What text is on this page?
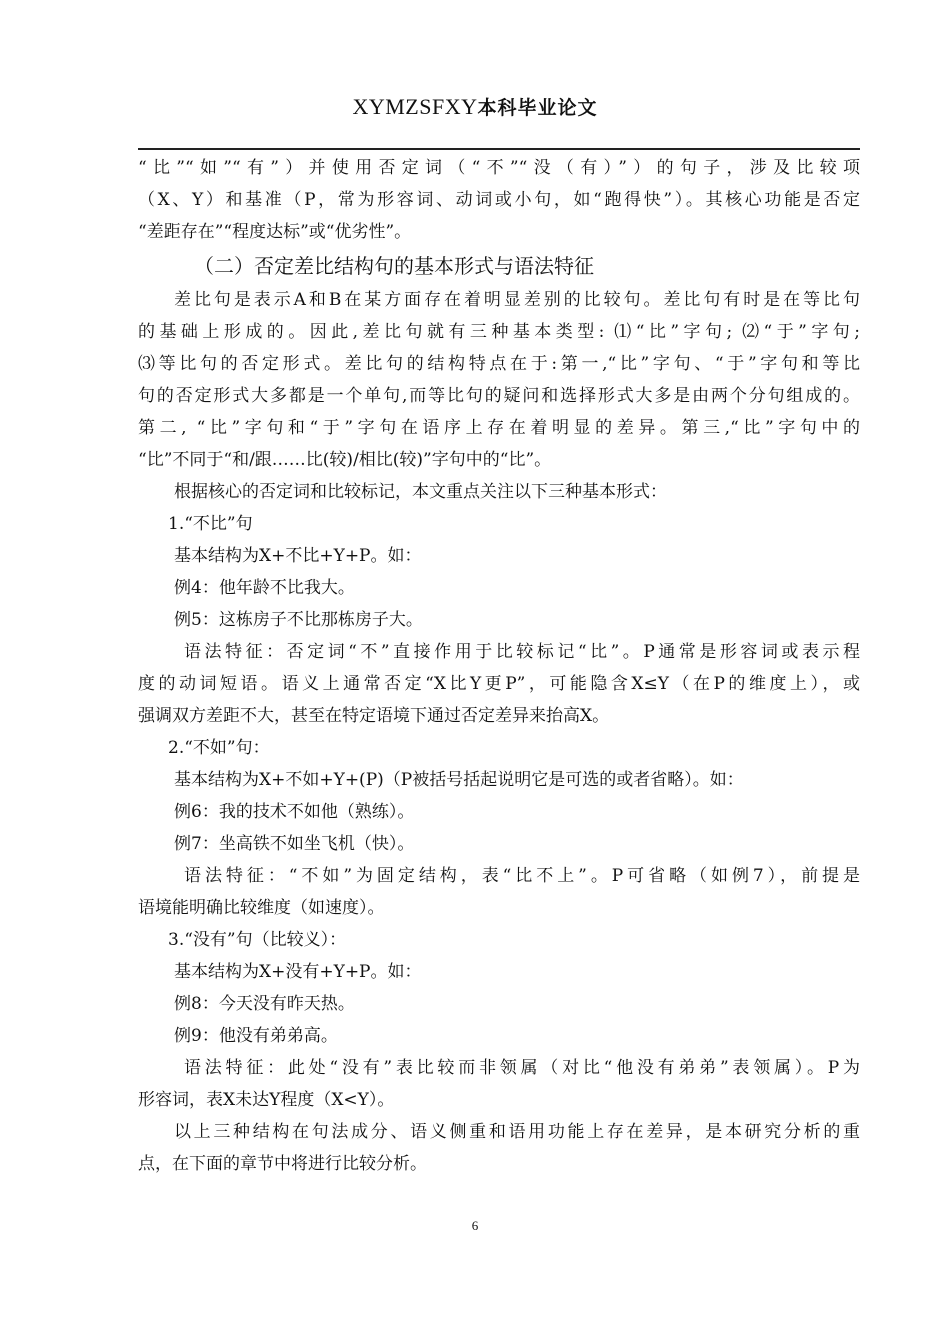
XYMZSFXY本科毕业论文
“比”“如”“有”）并使用否定词（“不”“没（有）”）的句子，涉及比较项
（X、Y）和基准（P，常为形容词、动词或小句，如“跑得快”）。其核心功能是否定
“差距存在”“程度达标”或“优劣性”。
（二）否定差比结构句的基本形式与语法特征
差比句是表示A和B在某方面存在着明显差别的比较句。差比句有时是在等比句
的基础上形成的。因此,差比句就有三种基本类型: ⑴“比”字句; ⑵“于”字句;
⑶等比句的否定形式。差比句的结构特点在于:第一,“比”字句、“于”字句和等比
句的否定形式大多都是一个单句,而等比句的疑问和选择形式大多是由两个分句组成的。
第二, “比”字句和“于”字句在语序上存在着明显的差异。第三,“比”字句中的
“比”不同于“和/跟……比(较)/相比(较)”字句中的“比”。
根据核心的否定词和比较标记，本文重点关注以下三种基本形式：
1.“不比”句
基本结构为X+不比+Y+P。如：
例4：他年龄不比我大。
例5：这栋房子不比那栋房子大。
语法特征：否定词“不”直接作用于比较标记“比”。P通常是形容词或表示程
度的动词短语。语义上通常否定“X比Y更P”，可能隐含X≤Y（在P的维度上），或
强调双方差距不大，甚至在特定语境下通过否定差异来抬高X。
2.“不如”句：
基本结构为X+不如+Y+(P)（P被括号括起说明它是可选的或者省略）。如：
例6：我的技术不如他（熟练）。
例7：坐高铁不如坐飞机（快）。
语法特征：“不如”为固定结构，表“比不上”。P可省略（如例7），前提是
语境能明确比较维度（如速度）。
3.“没有”句（比较义）：
基本结构为X+没有+Y+P。如：
例8：今天没有昨天热。
例9：他没有弟弟高。
语法特征：此处“没有”表比较而非领属（对比“他没有弟弟”表领属）。P为
形容词，表X未达Y程度（X<Y）。
以上三种结构在句法成分、语义侧重和语用功能上存在差异，是本研究分析的重
点，在下面的章节中将进行比较分析。
6
